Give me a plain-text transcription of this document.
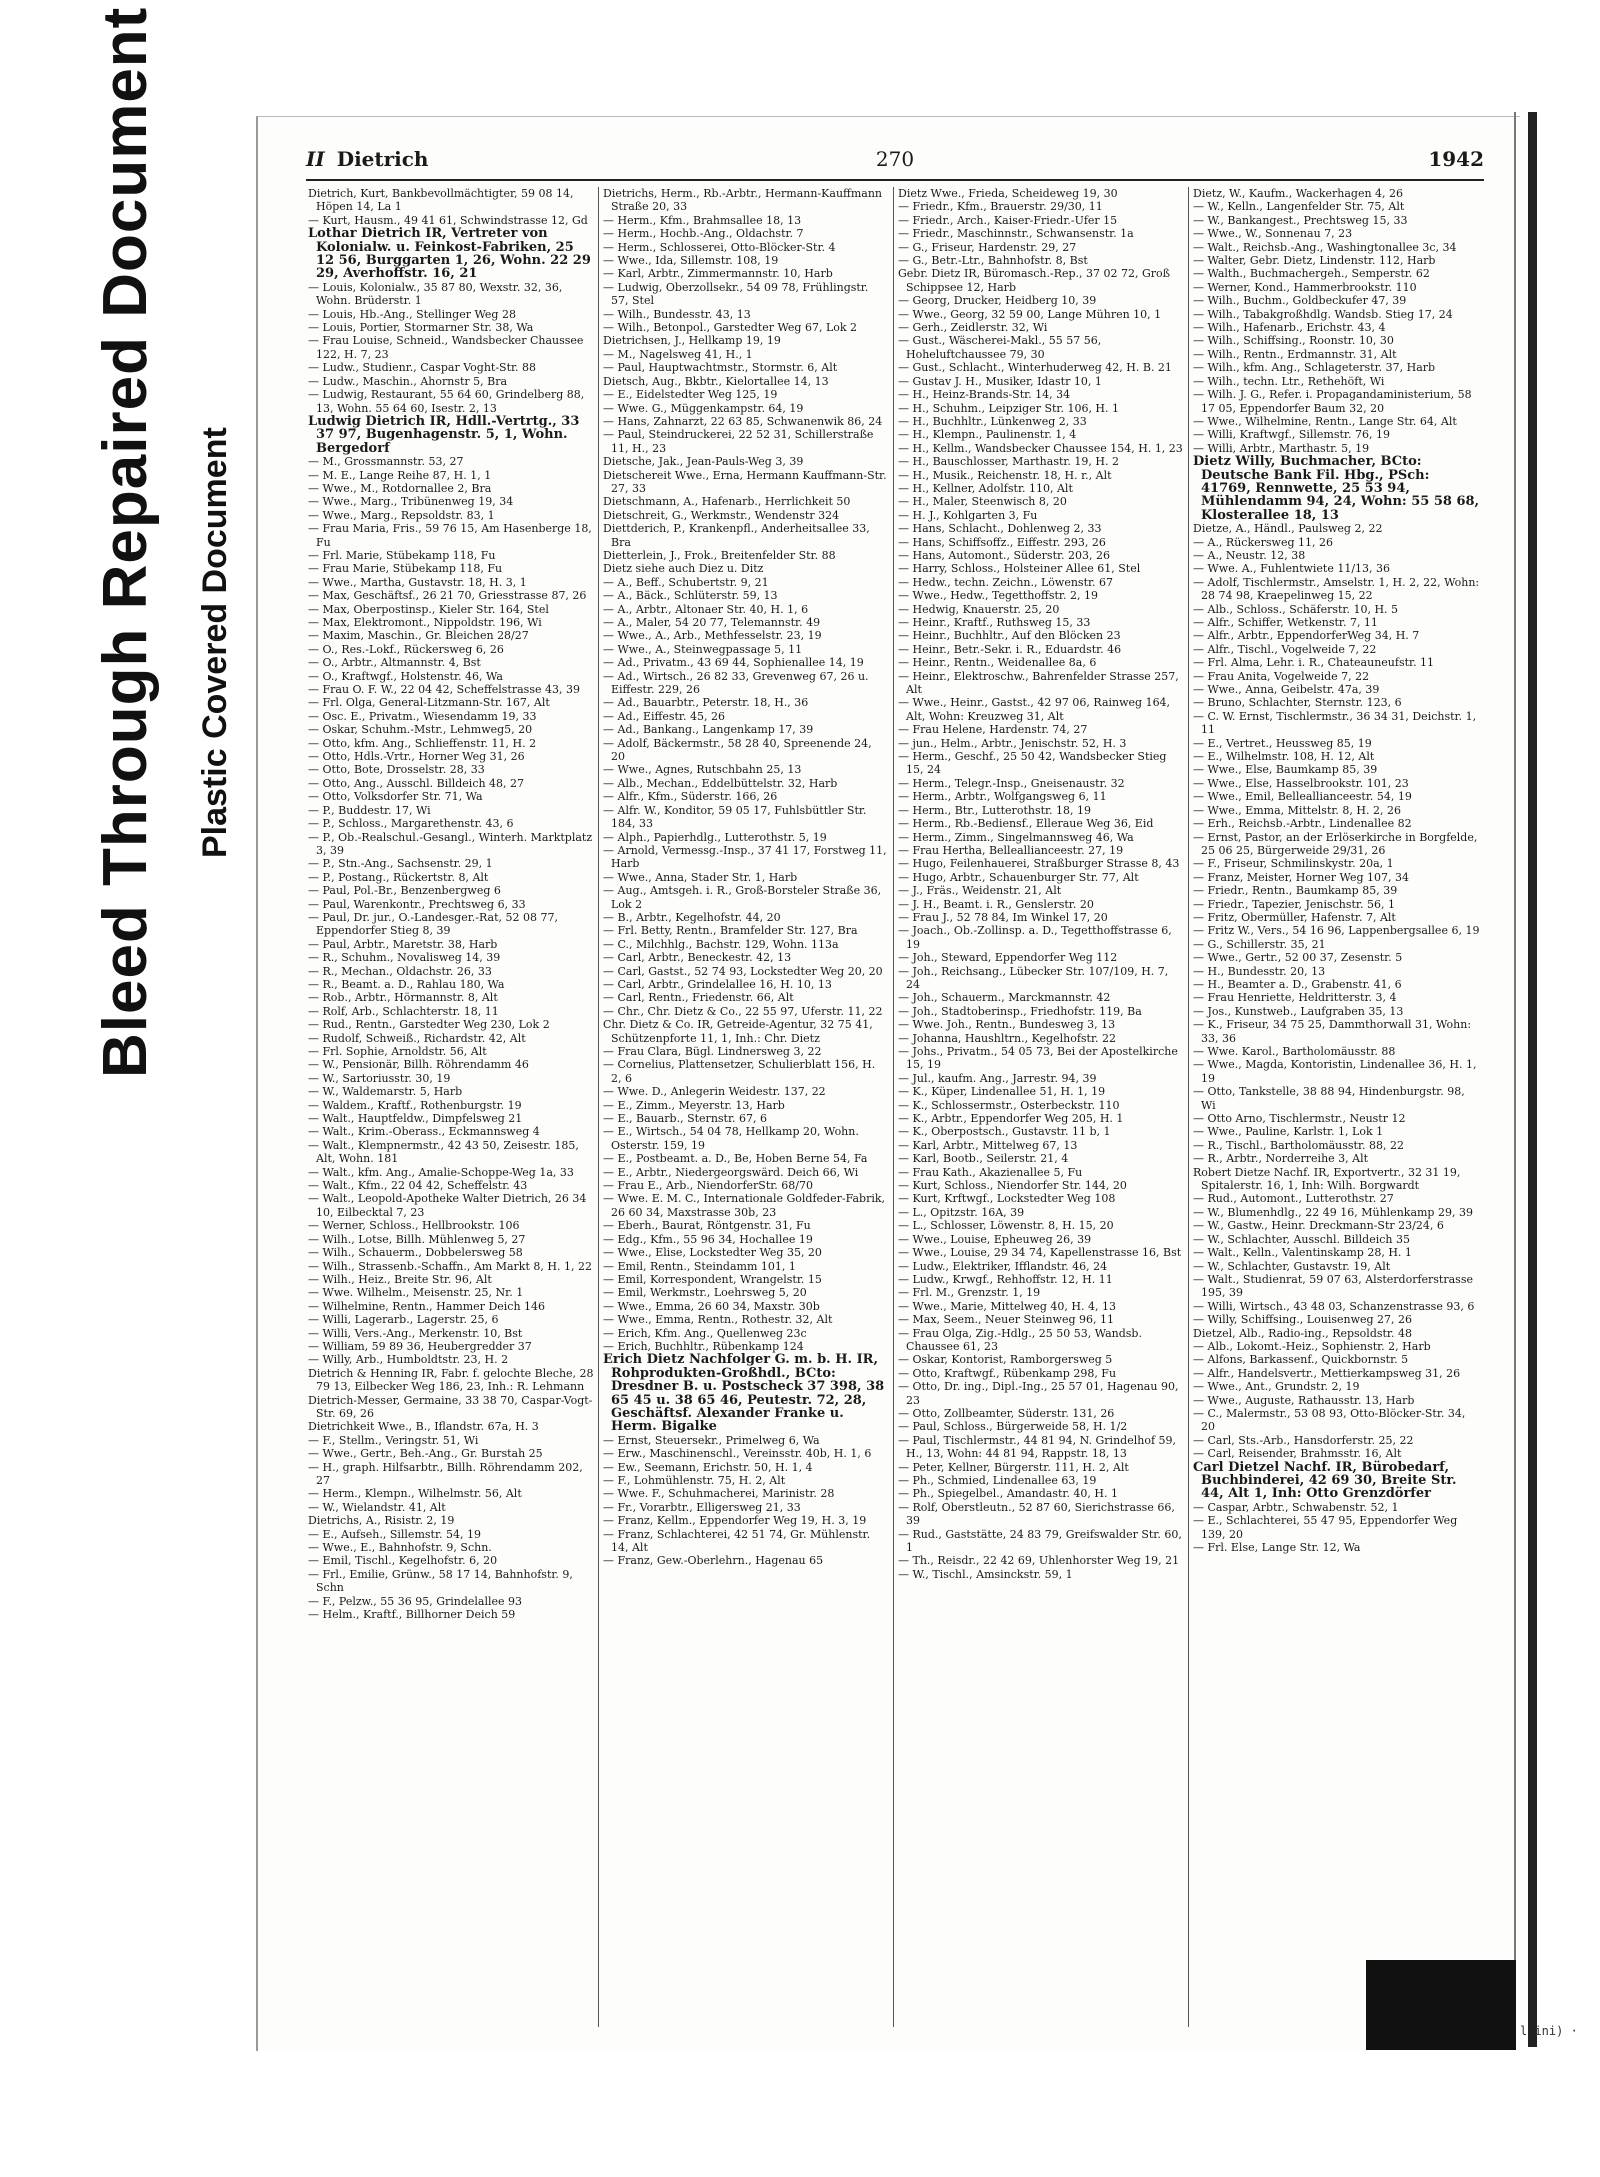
Bleed Through Repaired Document Plastic Covered Document
II Dietrich	270	1942
Dietrich, Kurt, Bankbevollmächtigter, 59 08 14, Höpen 14, La 1
— Kurt, Hausm., 49 41 61, Schwindstrasse 12, Gd
Lothar Dietrich IR, Vertreter von Kolonialw. u. Feinkost-Fabriken, 25 12 56, Burggarten 1, 26, Wohn. 22 29 29, Averhoffstr. 16, 21
— Louis, Kolonialw., 35 87 80, Wexstr. 32, 36, Wohn. Brüderstr. 1
— Louis, Hb.-Ang., Stellinger Weg 28
— Louis, Portier, Stormarner Str. 38, Wa
— Frau Louise, Schneid., Wandsbecker Chaussee 122, H. 7, 23
— Ludw., Studienr., Caspar Voght-Str. 88
— Ludw., Maschin., Ahornstr 5, Bra
— Ludwig, Restaurant, 55 64 60, Grindelberg 88, 13, Wohn. 55 64 60, Isestr. 2, 13
Ludwig Dietrich IR, Hdll.-Vertrtg., 33 37 97, Bugenhagenstr. 5, 1, Wohn. Bergedorf
— M., Grossmannstr. 53, 27
— M. E., Lange Reihe 87, H. 1, 1
— Wwe., M., Rotdornallee 2, Bra
— Wwe., Marg., Tribünenweg 19, 34
— Wwe., Marg., Repsoldstr. 83, 1
— Frau Maria, Fris., 59 76 15, Am Hasenberge 18, Fu
— Frl. Marie, Stübekamp 118, Fu
— Frau Marie, Stübekamp 118, Fu
— Wwe., Martha, Gustavstr. 18, H. 3, 1
— Max, Geschäftsf., 26 21 70, Griesstrasse 87, 26
— Max, Oberpostinsp., Kieler Str. 164, Stel
— Max, Elektromont., Nippoldstr. 196, Wi
— Maxim, Maschin., Gr. Bleichen 28/27
— O., Res.-Lokf., Rückersweg 6, 26
— O., Arbtr., Altmannstr. 4, Bst
— O., Kraftwgf., Holstenstr. 46, Wa
— Frau O. F. W., 22 04 42, Scheffelstrasse 43, 39
— Frl. Olga, General-Litzmann-Str. 167, Alt
— Osc. E., Privatm., Wiesendamm 19, 33
— Oskar, Schuhm.-Mstr., Lehmweg5, 20
— Otto, kfm. Ang., Schlieffenstr. 11, H. 2
— Otto, Hdls.-Vrtr., Horner Weg 31, 26
— Otto, Bote, Drosselstr. 28, 33
— Otto, Ang., Ausschl. Billdeich 48, 27
— Otto, Volksdorfer Str. 71, Wa
— P., Buddestr. 17, Wi
— P., Schloss., Margarethenstr. 43, 6
— P., Ob.-Realschul.-Gesangl., Winterh. Marktplatz 3, 39
— P., Stn.-Ang., Sachsenstr. 29, 1
— P., Postang., Rückertstr. 8, Alt
— Paul, Pol.-Br., Benzenbergweg 6
— Paul, Warenkontr., Prechtsweg 6, 33
— Paul, Dr. jur., O.-Landesger.-Rat, 52 08 77, Eppendorfer Stieg 8, 39
— Paul, Arbtr., Maretstr. 38, Harb
— R., Schuhm., Novalisweg 14, 39
— R., Mechan., Oldachstr. 26, 33
— R., Beamt. a. D., Rahlau 180, Wa
— Rob., Arbtr., Hörmannstr. 8, Alt
— Rolf, Arb., Schlachterstr. 18, 11
— Rud., Rentn., Garstedter Weg 230, Lok 2
— Rudolf, Schweiß., Richardstr. 42, Alt
— Frl. Sophie, Arnoldstr. 56, Alt
— W., Pensionär, Billh. Röhrendamm 46
— W., Sartoriusstr. 30, 19
— W., Waldemarstr. 5, Harb
— Waldem., Kraftf., Rothenburgstr. 19
— Walt., Hauptfeldw., Dimpfelsweg 21
— Walt., Krim.-Oberass., Eckmannsweg 4
— Walt., Klempnermstr., 42 43 50, Zeisestr. 185, Alt, Wohn. 181
— Walt., kfm. Ang., Amalie-Schoppe-Weg 1a, 33
— Walt., Kfm., 22 04 42, Scheffelstr. 43
— Walt., Leopold-Apotheke Walter Dietrich, 26 34 10, Eilbecktal 7, 23
— Werner, Schloss., Hellbrookstr. 106
— Wilh., Lotse, Billh. Mühlenweg 5, 27
— Wilh., Schauerm., Dobbelersweg 58
— Wilh., Strassenb.-Schaffn., Am Markt 8, H. 1, 22
— Wilh., Heiz., Breite Str. 96, Alt
— Wwe. Wilhelm., Meisenstr. 25, Nr. 1
— Wilhelmine, Rentn., Hammer Deich 146
— Willi, Lagerarb., Lagerstr. 25, 6
— Willi, Vers.-Ang., Merkenstr. 10, Bst
— William, 59 89 36, Heubergredder 37
— Willy, Arb., Humboldtstr. 23, H. 2
Dietrich & Henning IR, Fabr. f. gelochte Bleche, 28 79 13, Eilbecker Weg 186, 23, Inh.: R. Lehmann
Dietrich-Messer, Germaine, 33 38 70, Caspar-Vogt-Str. 69, 26
Dietrichkeit Wwe., B., Iflandstr. 67a, H. 3
— F., Stellm., Veringstr. 51, Wi
— Wwe., Gertr., Beh.-Ang., Gr. Burstah 25
— H., graph. Hilfsarbtr., Billh. Röhrendamm 202, 27
— Herm., Klempn., Wilhelmstr. 56, Alt
— W., Wielandstr. 41, Alt
Dietrichs, A., Risistr. 2, 19
— E., Aufseh., Sillemstr. 54, 19
— Wwe., E., Bahnhofstr. 9, Schn.
— Emil, Tischl., Kegelhofstr. 6, 20
— Frl., Emilie, Grünw., 58 17 14, Bahnhofstr. 9, Schn
— F., Pelzw., 55 36 95, Grindelallee 93
— Helm., Kraftf., Billhorner Deich 59
Dietrichs, Herm., Rb.-Arbtr., Hermann-Kauffmann Straße 20, 33
— Herm., Kfm., Brahmsallee 18, 13
— Herm., Hochb.-Ang., Oldachstr. 7
— Herm., Schlosserei, Otto-Blöcker-Str. 4
— Wwe., Ida, Sillemstr. 108, 19
— Karl, Arbtr., Zimmermannstr. 10, Harb
— Ludwig, Oberzollsekr., 54 09 78, Frühlingstr. 57, Stel
— Wilh., Bundesstr. 43, 13
— Wilh., Betonpol., Garstedter Weg 67, Lok 2
Dietrichsen, J., Hellkamp 19, 19
— M., Nagelsweg 41, H., 1
— Paul, Hauptwachtmstr., Stormstr. 6, Alt
Dietsch, Aug., Bkbtr., Kielortallee 14, 13
— E., Eidelstedter Weg 125, 19
— Wwe. G., Müggenkampstr. 64, 19
— Hans, Zahnarzt, 22 63 85, Schwanenwik 86, 24
— Paul, Steindruckerei, 22 52 31, Schillerstraße 11, H., 23
Dietsche, Jak., Jean-Pauls-Weg 3, 39
Dietschereit Wwe., Erna, Hermann Kauffmann-Str. 27, 33
Dietschmann, A., Hafenarb., Herrlichkeit 50
Dietschreit, G., Werkmstr., Wendenstr 324
Diettderich, P., Krankenpfl., Anderheitsallee 33, Bra
Dietterlein, J., Frok., Breitenfelder Str. 88
Dietz siehe auch Diez u. Ditz
— A., Beff., Schubertstr. 9, 21
— A., Bäck., Schlüterstr. 59, 13
— A., Arbtr., Altonaer Str. 40, H. 1, 6
— A., Maler, 54 20 77, Telemannstr. 49
— Wwe., A., Arb., Methfesselstr. 23, 19
— Wwe., A., Steinwegpassage 5, 11
— Ad., Privatm., 43 69 44, Sophienallee 14, 19
— Ad., Wirtsch., 26 82 33, Grevenweg 67, 26 u. Eiffestr. 229, 26
— Ad., Bauarbtr., Peterstr. 18, H., 36
— Ad., Eiffestr. 45, 26
— Ad., Bankang., Langenkamp 17, 39
— Adolf, Bäckermstr., 58 28 40, Spreenende 24, 20
— Wwe., Agnes, Rutschbahn 25, 13
— Alb., Mechan., Eddelbüttelstr. 32, Harb
— Alfr., Kfm., Süderstr. 166, 26
— Alfr. W., Konditor, 59 05 17, Fuhlsbüttler Str. 184, 33
— Alph., Papierhdlg., Lutterothstr. 5, 19
— Arnold, Vermessg.-Insp., 37 41 17, Forstweg 11, Harb
— Wwe., Anna, Stader Str. 1, Harb
— Aug., Amtsgeh. i. R., Groß-Borsteler Straße 36, Lok 2
— B., Arbtr., Kegelhofstr. 44, 20
— Frl. Betty, Rentn., Bramfelder Str. 127, Bra
— C., Milchhlg., Bachstr. 129, Wohn. 113a
— Carl, Arbtr., Beneckestr. 42, 13
— Carl, Gastst., 52 74 93, Lockstedter Weg 20, 20
— Carl, Arbtr., Grindelallee 16, H. 10, 13
— Carl, Rentn., Friedenstr. 66, Alt
— Chr., Chr. Dietz & Co., 22 55 97, Uferstr. 11, 22
Chr. Dietz & Co. IR, Getreide-Agentur, 32 75 41, Schützenpforte 11, 1, Inh.: Chr. Dietz
— Frau Clara, Bügl. Lindnersweg 3, 22
— Cornelius, Plattensetzer, Schulierblatt 156, H. 2, 6
— Wwe. D., Anlegerin Weidestr. 137, 22
— E., Zimm., Meyerstr. 13, Harb
— E., Bauarb., Sternstr. 67, 6
— E., Wirtsch., 54 04 78, Hellkamp 20, Wohn. Osterstr. 159, 19
— E., Postbeamt. a. D., Be, Hoben Berne 54, Fa
— E., Arbtr., Niedergeorgswärd. Deich 66, Wi
— Frau E., Arb., NiendorferStr. 68/70
— Wwe. E. M. C., Internationale Goldfeder-Fabrik, 26 60 34, Maxstrasse 30b, 23
— Eberh., Baurat, Röntgenstr. 31, Fu
— Edg., Kfm., 55 96 34, Hochallee 19
— Wwe., Elise, Lockstedter Weg 35, 20
— Emil, Rentn., Steindamm 101, 1
— Emil, Korrespondent, Wrangelstr. 15
— Emil, Werkmstr., Loehrsweg 5, 20
— Wwe., Emma, 26 60 34, Maxstr. 30b
— Wwe., Emma, Rentn., Rothestr. 32, Alt
— Erich, Kfm. Ang., Quellenweg 23c
— Erich, Buchhltr., Rübenkamp 124
Erich Dietz Nachfolger G. m. b. H. IR, Rohprodukten-Großhdl., BCto: Dresdner B. u. Postscheck 37 398, 38 65 45 u. 38 65 46, Peutestr. 72, 28, Geschäftsf. Alexander Franke u. Herm. Bigalke
— Ernst, Steuersekr., Primelweg 6, Wa
— Erw., Maschinenschl., Vereinsstr. 40b, H. 1, 6
— Ew., Seemann, Erichstr. 50, H. 1, 4
— F., Lohmühlenstr. 75, H. 2, Alt
— Wwe. F., Schuhmacherei, Marinistr. 28
— Fr., Vorarbtr., Elligersweg 21, 33
— Franz, Kellm., Eppendorfer Weg 19, H. 3, 19
— Franz, Schlachterei, 42 51 74, Gr. Mühlenstr. 14, Alt
— Franz, Gew.-Oberlehrn., Hagenau 65
Dietz Wwe., Frieda, Scheideweg 19, 30
— Friedr., Kfm., Brauerstr. 29/30, 11
— Friedr., Arch., Kaiser-Friedr.-Ufer 15
— Friedr., Maschinnstr., Schwansenstr. 1a
— G., Friseur, Hardenstr. 29, 27
— G., Betr.-Ltr., Bahnhofstr. 8, Bst
Gebr. Dietz IR, Büromasch.-Rep., 37 02 72, Groß Schippsee 12, Harb
— Georg, Drucker, Heidberg 10, 39
— Wwe., Georg, 32 59 00, Lange Mühren 10, 1
— Gerh., Zeidlerstr. 32, Wi
— Gust., Wäscherei-Makl., 55 57 56, Hoheluftchaussee 79, 30
— Gust., Schlacht., Winterhuderweg 42, H. B. 21
— Gustav J. H., Musiker, Idastr 10, 1
— H., Heinz-Brands-Str. 14, 34
— H., Schuhm., Leipziger Str. 106, H. 1
— H., Buchhltr., Lünkenweg 2, 33
— H., Klempn., Paulinenstr. 1, 4
— H., Kellm., Wandsbecker Chaussee 154, H. 1, 23
— H., Bauschlosser, Marthastr. 19, H. 2
— H., Musik., Reichenstr. 18, H. r., Alt
— H., Kellner, Adolfstr. 110, Alt
— H., Maler, Steenwisch 8, 20
— H. J., Kohlgarten 3, Fu
— Hans, Schlacht., Dohlenweg 2, 33
— Hans, Schiffsoffz., Eiffestr. 293, 26
— Hans, Automont., Süderstr. 203, 26
— Harry, Schloss., Holsteiner Allee 61, Stel
— Hedw., techn. Zeichn., Löwenstr. 67
— Wwe., Hedw., Tegetthoffstr. 2, 19
— Hedwig, Knauerstr. 25, 20
— Heinr., Kraftf., Ruthsweg 15, 33
— Heinr., Buchhltr., Auf den Blöcken 23
— Heinr., Betr.-Sekr. i. R., Eduardstr. 46
— Heinr., Rentn., Weidenallee 8a, 6
— Heinr., Elektroschw., Bahrenfelder Strasse 257, Alt
— Wwe., Heinr., Gastst., 42 97 06, Rainweg 164, Alt, Wohn: Kreuzweg 31, Alt
— Frau Helene, Hardenstr. 74, 27
— jun., Helm., Arbtr., Jenischstr. 52, H. 3
— Herm., Geschf., 25 50 42, Wandsbecker Stieg 15, 24
— Herm., Telegr.-Insp., Gneisenaustr. 32
— Herm., Arbtr., Wolfgangsweg 6, 11
— Herm., Btr., Lutterothstr. 18, 19
— Herm., Rb.-Bediensf., Elleraue Weg 36, Eid
— Herm., Zimm., Singelmannsweg 46, Wa
— Frau Hertha, Belleallianceestr. 27, 19
— Hugo, Feilenhauerei, Straßburger Strasse 8, 43
— Hugo, Arbtr., Schauenburger Str. 77, Alt
— J., Fräs., Weidenstr. 21, Alt
— J. H., Beamt. i. R., Genslerstr. 20
— Frau J., 52 78 84, Im Winkel 17, 20
— Joach., Ob.-Zollinsp. a. D., Tegetthoffstrasse 6, 19
— Joh., Steward, Eppendorfer Weg 112
— Joh., Reichsang., Lübecker Str. 107/109, H. 7, 24
— Joh., Schauerm., Marckmannstr. 42
— Joh., Stadtoberinsp., Friedhofstr. 119, Ba
— Wwe. Joh., Rentn., Bundesweg 3, 13
— Johanna, Haushltrn., Kegelhofstr. 22
— Johs., Privatm., 54 05 73, Bei der Apostelkirche 15, 19
— Jul., kaufm. Ang., Jarrestr. 94, 39
— K., Küper, Lindenallee 51, H. 1, 19
— K., Schlossermstr., Osterbeckstr. 110
— K., Arbtr., Eppendorfer Weg 205, H. 1
— K., Oberpostsch., Gustavstr. 11 b, 1
— Karl, Arbtr., Mittelweg 67, 13
— Karl, Bootb., Seilerstr. 21, 4
— Frau Kath., Akazienallee 5, Fu
— Kurt, Schloss., Niendorfer Str. 144, 20
— Kurt, Krftwgf., Lockstedter Weg 108
— L., Opitzstr. 16A, 39
— L., Schlosser, Löwenstr. 8, H. 15, 20
— Wwe., Louise, Epheuweg 26, 39
— Wwe., Louise, 29 34 74, Kapellenstrasse 16, Bst
— Ludw., Elektriker, Ifflandstr. 46, 24
— Ludw., Krwgf., Rehhoffstr. 12, H. 11
— Frl. M., Grenzstr. 1, 19
— Wwe., Marie, Mittelweg 40, H. 4, 13
— Max, Seem., Neuer Steinweg 96, 11
— Frau Olga, Zig.-Hdlg., 25 50 53, Wandsb. Chaussee 61, 23
— Oskar, Kontorist, Ramborgersweg 5
— Otto, Kraftwgf., Rübenkamp 298, Fu
— Otto, Dr. ing., Dipl.-Ing., 25 57 01, Hagenau 90, 23
— Otto, Zollbeamter, Süderstr. 131, 26
— Paul, Schloss., Bürgerweide 58, H. 1/2
— Paul, Tischlermstr., 44 81 94, N. Grindelhof 59, H., 13, Wohn: 44 81 94, Rappstr. 18, 13
— Peter, Kellner, Bürgerstr. 111, H. 2, Alt
— Ph., Schmied, Lindenallee 63, 19
— Ph., Spiegelbel., Amandastr. 40, H. 1
— Rolf, Oberstleutn., 52 87 60, Sierichstrasse 66, 39
— Rud., Gaststätte, 24 83 79, Greifswalder Str. 60, 1
— Th., Reisdr., 22 42 69, Uhlenhorster Weg 19, 21
— W., Tischl., Amsinckstr. 59, 1
Dietz, W., Kaufm., Wackerhagen 4, 26
— W., Kelln., Langenfelder Str. 75, Alt
— W., Bankangest., Prechtsweg 15, 33
— Wwe., W., Sonnenau 7, 23
— Walt., Reichsb.-Ang., Washingtonallee 3c, 34
— Walter, Gebr. Dietz, Lindenstr. 112, Harb
— Walth., Buchmachergeh., Semperstr. 62
— Werner, Kond., Hammerbrookstr. 110
— Wilh., Buchm., Goldbeckufer 47, 39
— Wilh., Tabakgroßhdlg. Wandsb. Stieg 17, 24
— Wilh., Hafenarb., Erichstr. 43, 4
— Wilh., Schiffsing., Roonstr. 10, 30
— Wilh., Rentn., Erdmannstr. 31, Alt
— Wilh., kfm. Ang., Schlageterstr. 37, Harb
— Wilh., techn. Ltr., Rethehöft, Wi
— Wilh. J. G., Refer. i. Propagandaministerium, 58 17 05, Eppendorfer Baum 32, 20
— Wwe., Wilhelmine, Rentn., Lange Str. 64, Alt
— Willi, Kraftwgf., Sillemstr. 76, 19
— Willi, Arbtr., Marthastr. 5, 19
Dietz Willy, Buchmacher, BCto: Deutsche Bank Fil. Hbg., PSch: 41769, Rennwette, 25 53 94, Mühlendamm 94, 24, Wohn: 55 58 68, Klosterallee 18, 13
Dietze, A., Händl., Paulsweg 2, 22
— A., Rückersweg 11, 26
— A., Neustr. 12, 38
— Wwe. A., Fuhlentwiete 11/13, 36
— Adolf, Tischlermstr., Amselstr. 1, H. 2, 22, Wohn: 28 74 98, Kraepelinweg 15, 22
— Alb., Schloss., Schäferstr. 10, H. 5
— Alfr., Schiffer, Wetkenstr. 7, 11
— Alfr., Arbtr., EppendorferWeg 34, H. 7
— Alfr., Tischl., Vogelweide 7, 22
— Frl. Alma, Lehr. i. R., Chateauneufstr. 11
— Frau Anita, Vogelweide 7, 22
— Wwe., Anna, Geibelstr. 47a, 39
— Bruno, Schlachter, Sternstr. 123, 6
— C. W. Ernst, Tischlermstr., 36 34 31, Deichstr. 1, 11
— E., Vertret., Heussweg 85, 19
— E., Wilhelmstr. 108, H. 12, Alt
— Wwe., Else, Baumkamp 85, 39
— Wwe., Else, Hasselbrookstr. 101, 23
— Wwe., Emil, Belleallianceestr. 54, 19
— Wwe., Emma, Mittelstr. 8, H. 2, 26
— Erh., Reichsb.-Arbtr., Lindenallee 82
— Ernst, Pastor, an der Erlöserkirche in Borgfelde, 25 06 25, Bürgerweide 29/31, 26
— F., Friseur, Schmilinskystr. 20a, 1
— Franz, Meister, Horner Weg 107, 34
— Friedr., Rentn., Baumkamp 85, 39
— Friedr., Tapezier, Jenischstr. 56, 1
— Fritz, Obermüller, Hafenstr. 7, Alt
— Fritz W., Vers., 54 16 96, Lappenbergsallee 6, 19
— G., Schillerstr. 35, 21
— Wwe., Gertr., 52 00 37, Zesenstr. 5
— H., Bundesstr. 20, 13
— H., Beamter a. D., Grabenstr. 41, 6
— Frau Henriette, Heldritterstr. 3, 4
— Jos., Kunstweb., Laufgraben 35, 13
— K., Friseur, 34 75 25, Dammthorwall 31, Wohn: 33, 36
— Wwe. Karol., Bartholomäusstr. 88
— Wwe., Magda, Kontoristin, Lindenallee 36, H. 1, 19
— Otto, Tankstelle, 38 88 94, Hindenburgstr. 98, Wi
— Otto Arno, Tischlermstr., Neustr 12
— Wwe., Pauline, Karlstr. 1, Lok 1
— R., Tischl., Bartholomäusstr. 88, 22
— R., Arbtr., Norderreihe 3, Alt
Robert Dietze Nachf. IR, Exportvertr., 32 31 19, Spitalerstr. 16, 1, Inh: Wilh. Borgwardt
— Rud., Automont., Lutterothstr. 27
— W., Blumenhdlg., 22 49 16, Mühlenkamp 29, 39
— W., Gastw., Heinr. Dreckmann-Str 23/24, 6
— W., Schlachter, Ausschl. Billdeich 35
— Walt., Kelln., Valentinskamp 28, H. 1
— W., Schlachter, Gustavstr. 19, Alt
— Walt., Studienrat, 59 07 63, Alsterdorferstrasse 195, 39
— Willi, Wirtsch., 43 48 03, Schanzenstrasse 93, 6
— Willy, Schiffsing., Louisenweg 27, 26
Dietzel, Alb., Radio-ing., Repsoldstr. 48
— Alb., Lokomt.-Heiz., Sophienstr. 2, Harb
— Alfons, Barkassenf., Quickbornstr. 5
— Alfr., Handelsvertr., Mettierkampsweg 31, 26
— Wwe., Ant., Grundstr. 2, 19
— Wwe., Auguste, Rathausstr. 13, Harb
— C., Malermstr., 53 08 93, Otto-Blöcker-Str. 34, 20
— Carl, Sts.-Arb., Hansdorferstr. 25, 22
— Carl, Reisender, Brahmsstr. 16, Alt
Carl Dietzel Nachf. IR, Bürobedarf, Buchbinderei, 42 69 30, Breite Str. 44, Alt 1, Inh: Otto Grenzdörfer
— Caspar, Arbtr., Schwabenstr. 52, 1
— E., Schlachterei, 55 47 95, Eppendorfer Weg 139, 20
— Frl. Else, Lange Str. 12, Wa
l ini) ·
